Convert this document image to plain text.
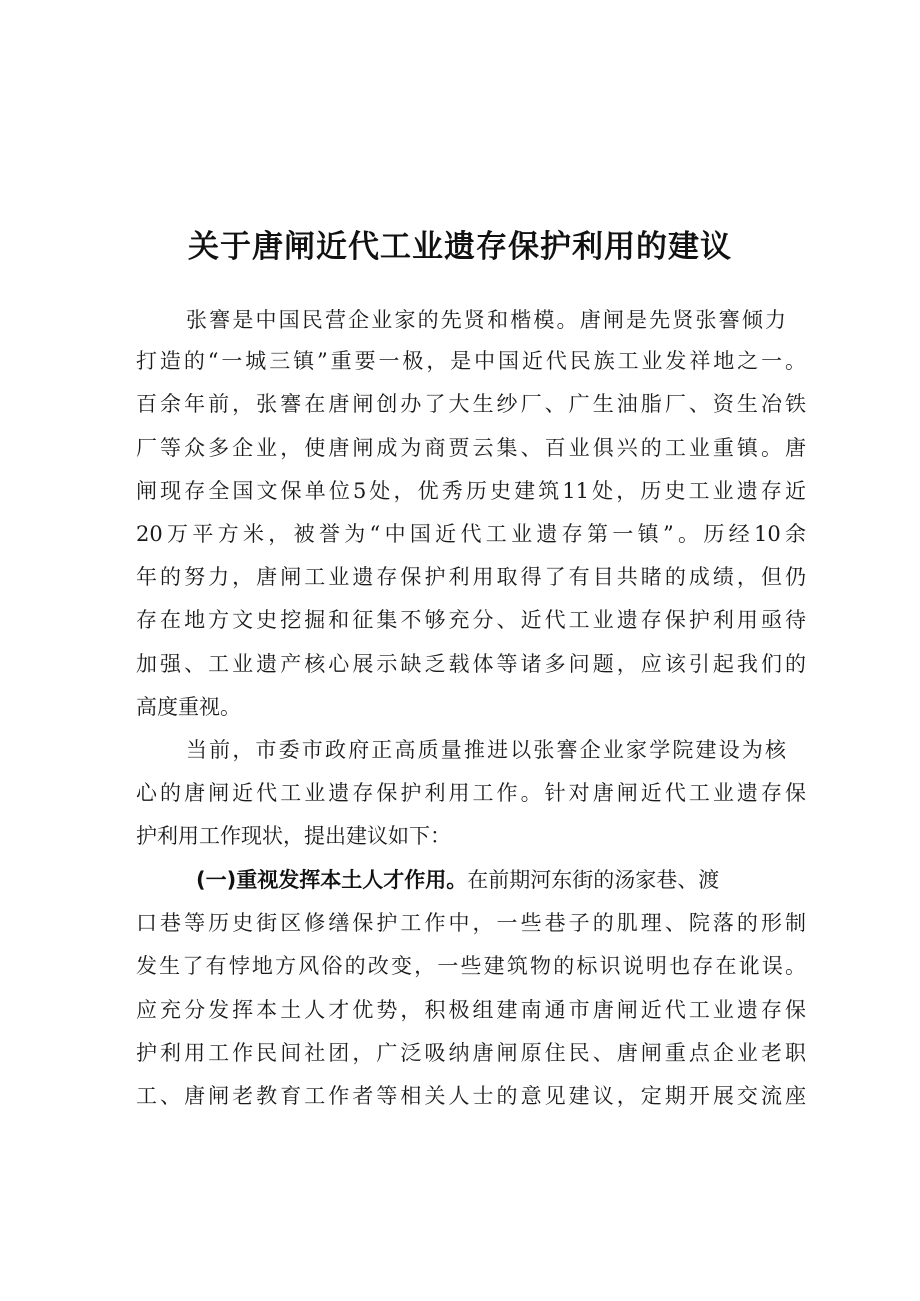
关于唐闸近代工业遗存保护利用的建议
张謇是中国民营企业家的先贤和楷模。唐闸是先贤张謇倾力
打造的“一城三镇”重要一极，是中国近代民族工业发祥地之一。
百余年前，张謇在唐闸创办了大生纱厂、广生油脂厂、资生冶铁
厂等众多企业，使唐闸成为商贾云集、百业俱兴的工业重镇。唐
闸现存全国文保单位5处，优秀历史建筑11处，历史工业遗存近
20万平方米，被誉为“中国近代工业遗存第一镇”。历经10余
年的努力，唐闸工业遗存保护利用取得了有目共睹的成绩，但仍
存在地方文史挖掘和征集不够充分、近代工业遗存保护利用亟待
加强、工业遗产核心展示缺乏载体等诸多问题，应该引起我们的
高度重视。
当前，市委市政府正高质量推进以张謇企业家学院建设为核
心的唐闸近代工业遗存保护利用工作。针对唐闸近代工业遗存保
护利用工作现状，提出建议如下：
(一)重视发挥本土人才作用。在前期河东街的汤家巷、渡
口巷等历史街区修缮保护工作中，一些巷子的肌理、院落的形制
发生了有悖地方风俗的改变，一些建筑物的标识说明也存在讹误。
应充分发挥本土人才优势，积极组建南通市唐闸近代工业遗存保
护利用工作民间社团，广泛吸纳唐闸原住民、唐闸重点企业老职
工、唐闸老教育工作者等相关人士的意见建议，定期开展交流座
